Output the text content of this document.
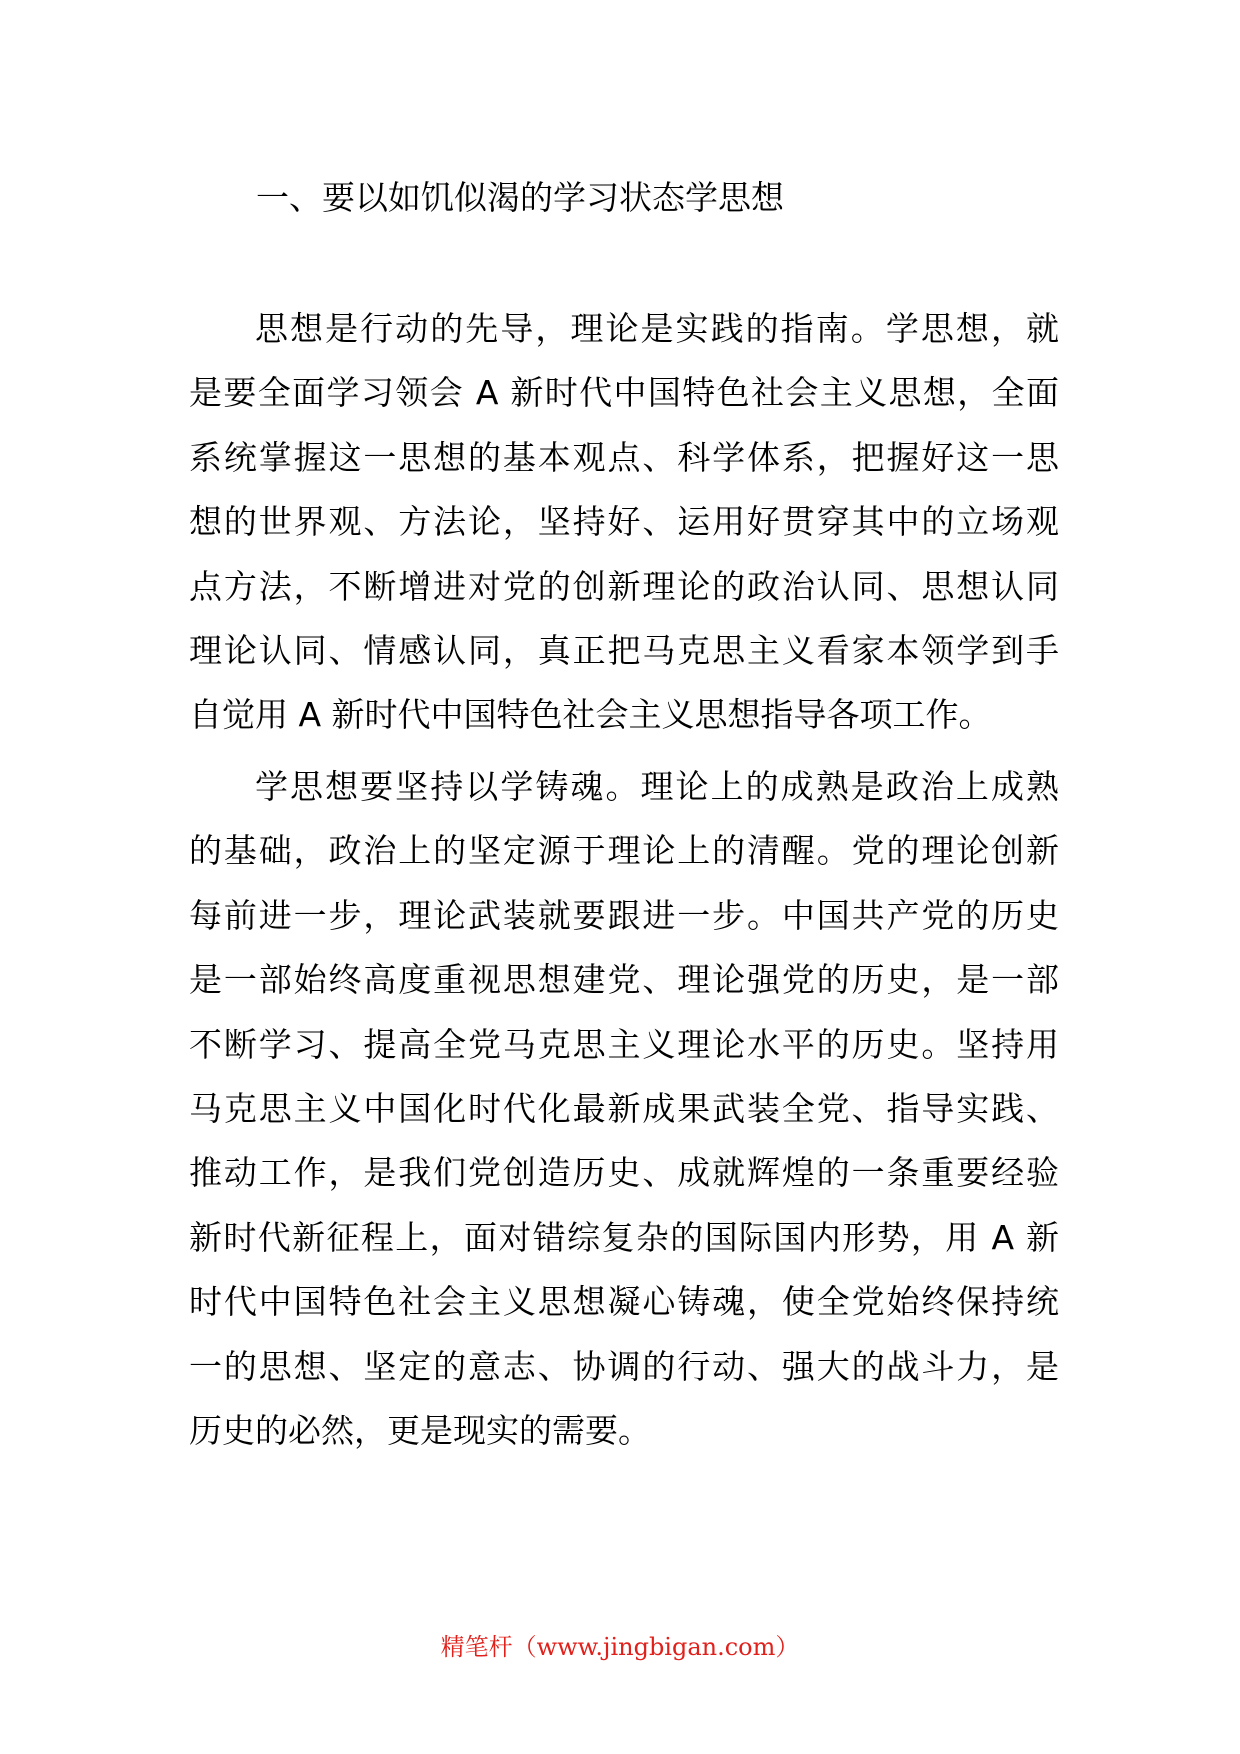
一、要以如饥似渴的学习状态学思想
思想是行动的先导，理论是实践的指南。学思想，就
是要全面学习领会 A 新时代中国特色社会主义思想，全面
系统掌握这一思想的基本观点、科学体系，把握好这一思
想的世界观、方法论，坚持好、运用好贯穿其中的立场观
点方法，不断增进对党的创新理论的政治认同、思想认同
理论认同、情感认同，真正把马克思主义看家本领学到手
自觉用 A 新时代中国特色社会主义思想指导各项工作。
学思想要坚持以学铸魂。理论上的成熟是政治上成熟
的基础，政治上的坚定源于理论上的清醒。党的理论创新
每前进一步，理论武装就要跟进一步。中国共产党的历史
是一部始终高度重视思想建党、理论强党的历史，是一部
不断学习、提高全党马克思主义理论水平的历史。坚持用
马克思主义中国化时代化最新成果武装全党、指导实践、
推动工作，是我们党创造历史、成就辉煌的一条重要经验
新时代新征程上，面对错综复杂的国际国内形势，用 A 新
时代中国特色社会主义思想凝心铸魂，使全党始终保持统
一的思想、坚定的意志、协调的行动、强大的战斗力，是
历史的必然，更是现实的需要。
精笔杆（www.jingbigan.com）
